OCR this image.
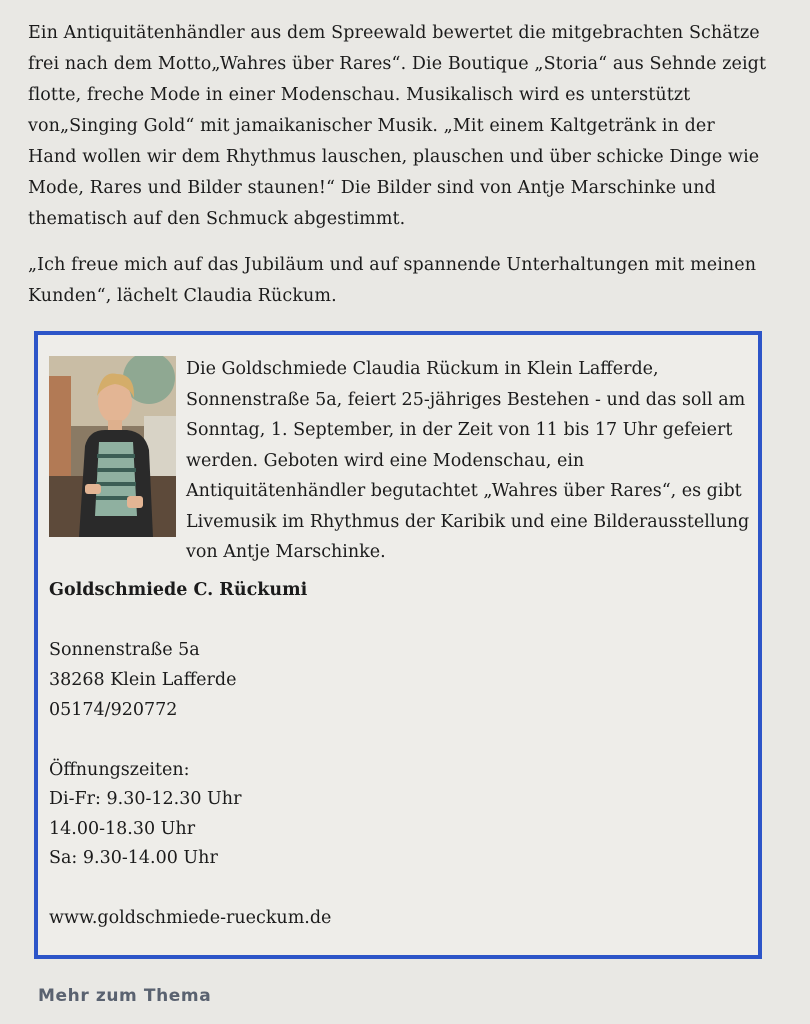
Ein Antiquitätenhändler aus dem Spreewald bewertet die mitgebrachten Schätze frei nach dem Motto„Wahres über Rares“. Die Boutique „Storia“ aus Sehnde zeigt flotte, freche Mode in einer Modenschau. Musikalisch wird es unterstützt von„Singing Gold“ mit jamaikanischer Musik. „Mit einem Kaltgetränk in der Hand wollen wir dem Rhythmus lauschen, plauschen und über schicke Dinge wie Mode, Rares und Bilder staunen!“ Die Bilder sind von Antje Marschinke und thematisch auf den Schmuck abgestimmt.

„Ich freue mich auf das Jubiläum und auf spannende Unterhaltungen mit meinen Kunden“, lächelt Claudia Rückum.

Die Goldschmiede Claudia Rückum in Klein Lafferde, Sonnenstraße 5a, feiert 25-jähriges Bestehen - und das soll am Sonntag, 1. September, in der Zeit von 11 bis 17 Uhr gefeiert werden. Geboten wird eine Modenschau, ein Antiquitätenhändler begutachtet „Wahres über Rares“, es gibt Livemusik im Rhythmus der Karibik und eine Bilderausstellung von Antje Marschinke.

Goldschmiede C. Rückumi

Sonnenstraße 5a

38268 Klein Lafferde

05174/920772

Öffnungszeiten:

Di-Fr: 9.30-12.30 Uhr

14.00-18.30 Uhr

Sa: 9.30-14.00 Uhr

www.goldschmiede-rueckum.de

Mehr zum Thema
